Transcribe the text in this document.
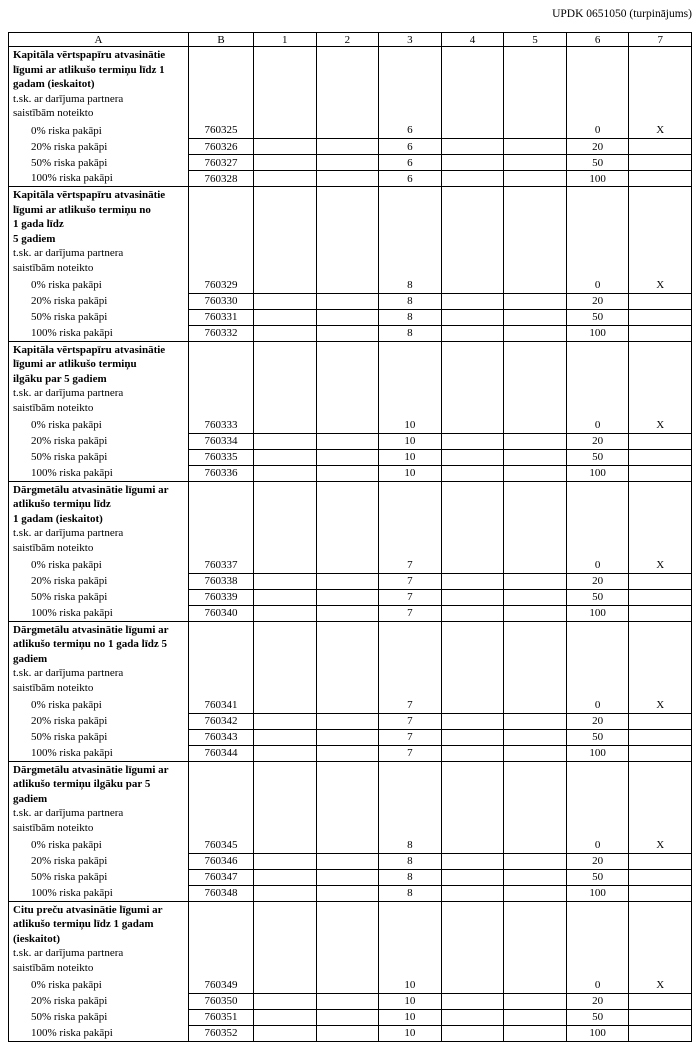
UPDK 0651050 (turpinājums)
A	B	1	2	3	4	5	6	7

Kapitāla vērtspapīru atvasinātie
līgumi ar atlikušo termiņu līdz 1
gadam (ieskaitot)
t.sk. ar darījuma partnera
saistībām noteikto								

0% riska pakāpi	760325			6			0	X
20% riska pakāpi	760326			6			20	
50% riska pakāpi	760327			6			50	
100% riska pakāpi	760328			6			100	

Kapitāla vērtspapīru atvasinātie
līgumi ar atlikušo termiņu no
1 gada līdz
5 gadiem
t.sk. ar darījuma partnera
saistībām noteikto

0% riska pakāpi	760329			8			0	X
20% riska pakāpi	760330			8			20	
50% riska pakāpi	760331			8			50	
100% riska pakāpi	760332			8			100	

Kapitāla vērtspapīru atvasinātie
līgumi ar atlikušo termiņu
ilgāku par 5 gadiem
t.sk. ar darījuma partnera
saistībām noteikto								

0% riska pakāpi	760333			10			0	X
20% riska pakāpi	760334			10			20	
50% riska pakāpi	760335			10			50	
100% riska pakāpi	760336			10			100	

Dārgmetālu atvasinātie līgumi ar
atlikušo termiņu līdz
1 gadam (ieskaitot)
t.sk. ar darījuma partnera
saistībām noteikto								

0% riska pakāpi	760337			7			0	X
20% riska pakāpi	760338			7			20	
50% riska pakāpi	760339			7			50	
100% riska pakāpi	760340			7			100	

Dārgmetālu atvasinātie līgumi ar
atlikušo termiņu no 1 gada līdz 5
gadiem
t.sk. ar darījuma partnera
saistībām noteikto								

0% riska pakāpi	760341			7			0	X
20% riska pakāpi	760342			7			20	
50% riska pakāpi	760343			7			50	
100% riska pakāpi	760344			7			100	

Dārgmetālu atvasinātie līgumi ar
atlikušo termiņu ilgāku par 5
gadiem
t.sk. ar darījuma partnera
saistībām noteikto								

0% riska pakāpi	760345			8			0	X
20% riska pakāpi	760346			8			20	
50% riska pakāpi	760347			8			50	
100% riska pakāpi	760348			8			100	

Citu preču atvasinātie līgumi ar
atlikušo termiņu līdz 1 gadam
(ieskaitot)
t.sk. ar darījuma partnera
saistībām noteikto								

0% riska pakāpi	760349			10			0	X
20% riska pakāpi	760350			10			20	
50% riska pakāpi	760351			10			50	
100% riska pakāpi	760352			10			100	
